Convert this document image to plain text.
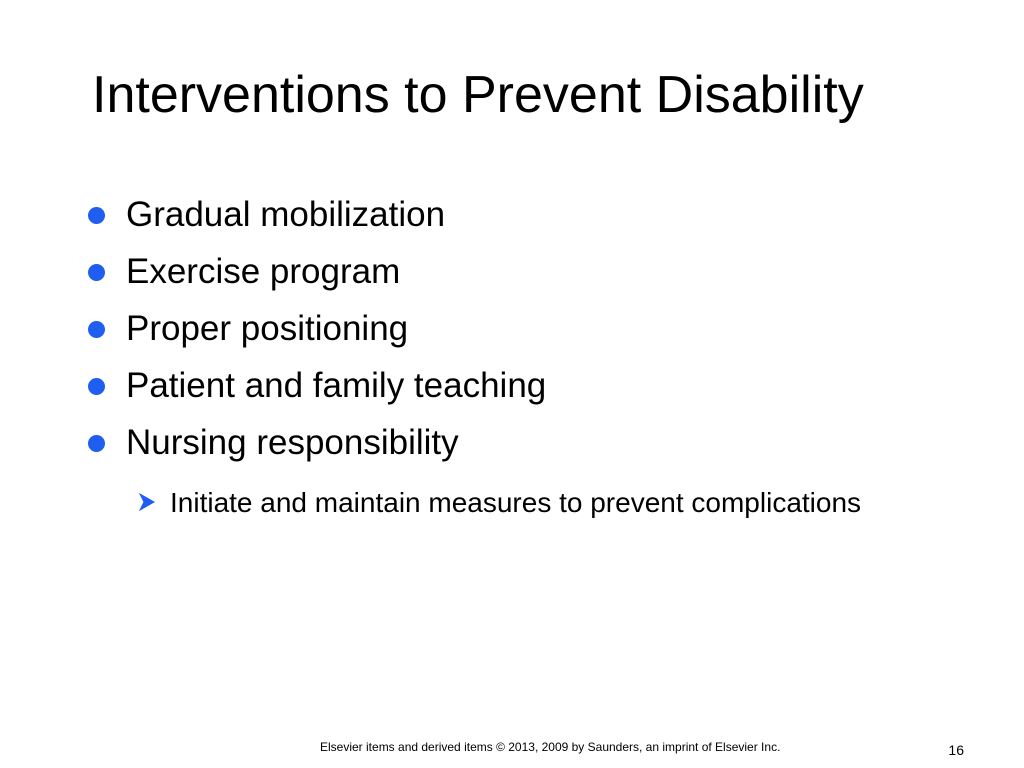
Interventions to Prevent Disability
Gradual mobilization
Exercise program
Proper positioning
Patient and family teaching
Nursing responsibility
Initiate and maintain measures to prevent complications
Elsevier items and derived items © 2013, 2009 by Saunders, an imprint of Elsevier Inc.	16
